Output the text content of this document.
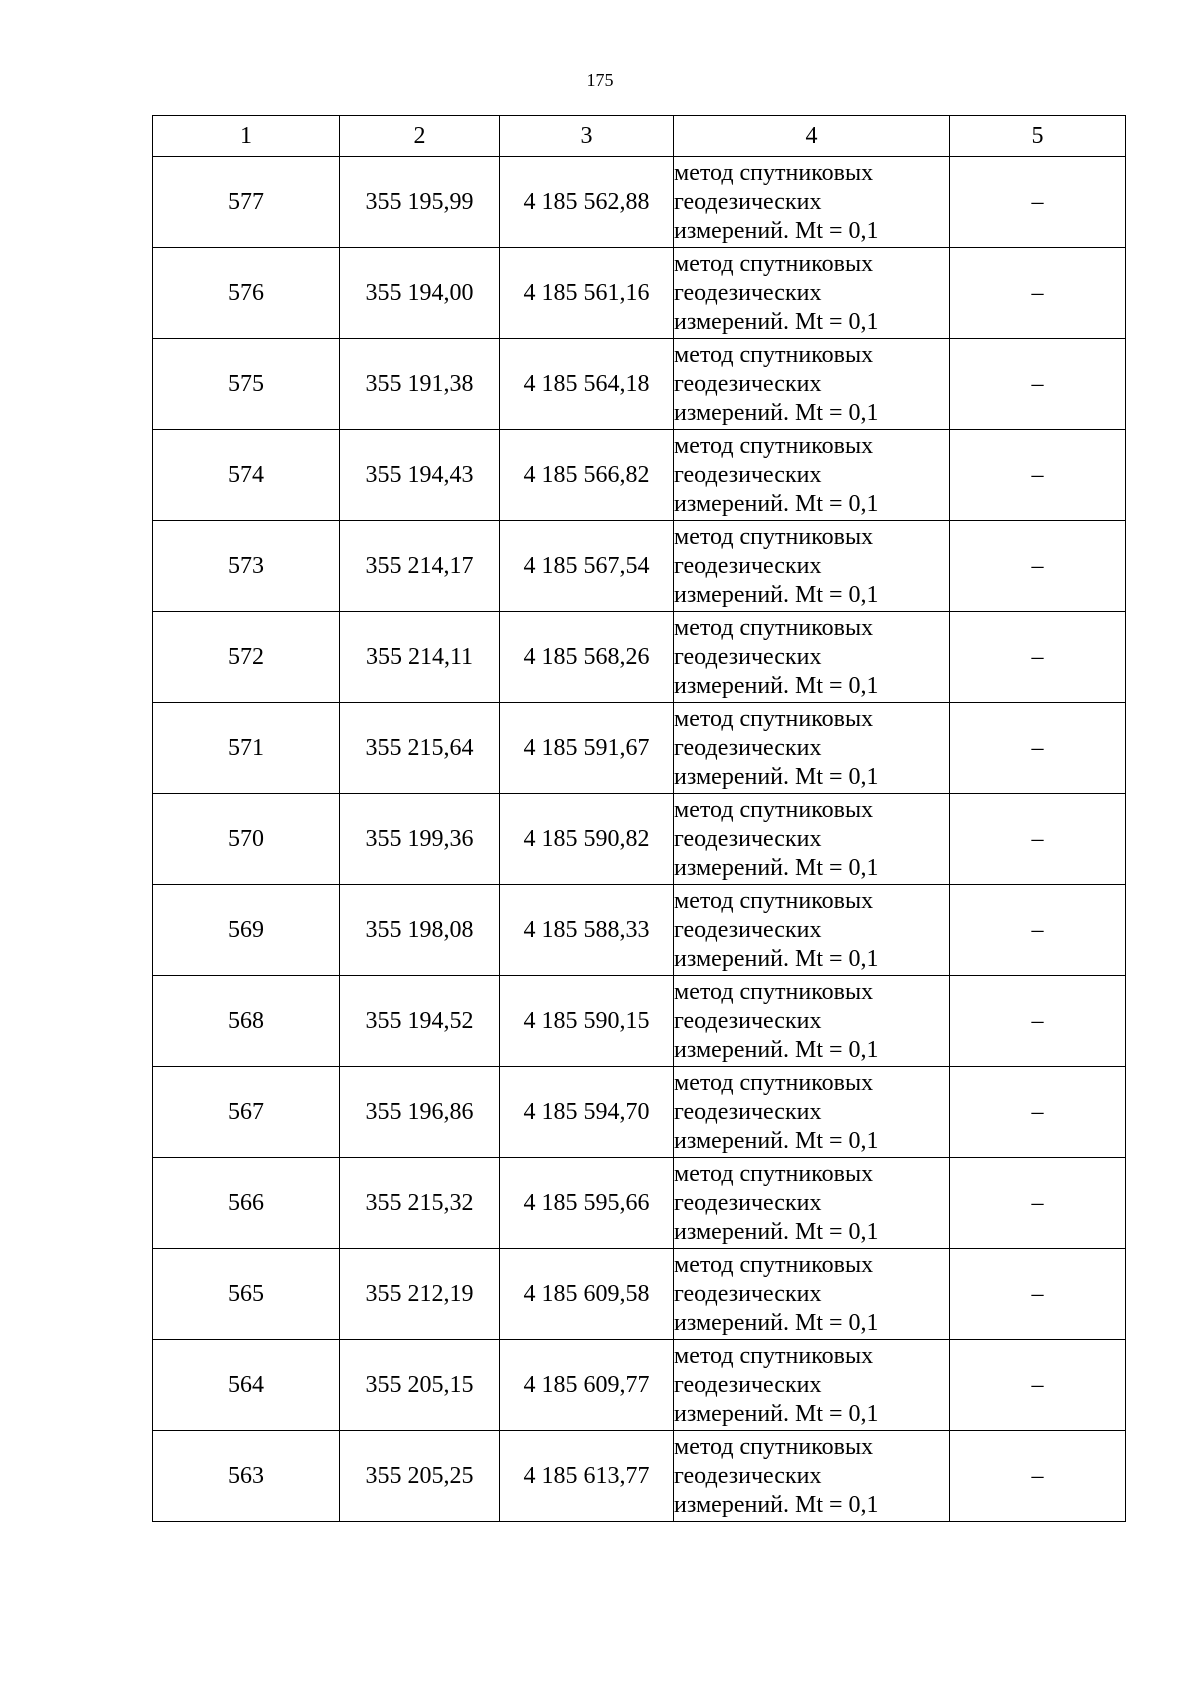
175
1	2	3	4	5
577	355 195,99	4 185 562,88	метод спутниковых
геодезических
измерений. Mt = 0,1	–
576	355 194,00	4 185 561,16	метод спутниковых
геодезических
измерений. Mt = 0,1	–
575	355 191,38	4 185 564,18	метод спутниковых
геодезических
измерений. Mt = 0,1	–
574	355 194,43	4 185 566,82	метод спутниковых
геодезических
измерений. Mt = 0,1	–
573	355 214,17	4 185 567,54	метод спутниковых
геодезических
измерений. Mt = 0,1	–
572	355 214,11	4 185 568,26	метод спутниковых
геодезических
измерений. Mt = 0,1	–
571	355 215,64	4 185 591,67	метод спутниковых
геодезических
измерений. Mt = 0,1	–
570	355 199,36	4 185 590,82	метод спутниковых
геодезических
измерений. Mt = 0,1	–
569	355 198,08	4 185 588,33	метод спутниковых
геодезических
измерений. Mt = 0,1	–
568	355 194,52	4 185 590,15	метод спутниковых
геодезических
измерений. Mt = 0,1	–
567	355 196,86	4 185 594,70	метод спутниковых
геодезических
измерений. Mt = 0,1	–
566	355 215,32	4 185 595,66	метод спутниковых
геодезических
измерений. Mt = 0,1	–
565	355 212,19	4 185 609,58	метод спутниковых
геодезических
измерений. Mt = 0,1	–
564	355 205,15	4 185 609,77	метод спутниковых
геодезических
измерений. Mt = 0,1	–
563	355 205,25	4 185 613,77	метод спутниковых
геодезических
измерений. Mt = 0,1	–
